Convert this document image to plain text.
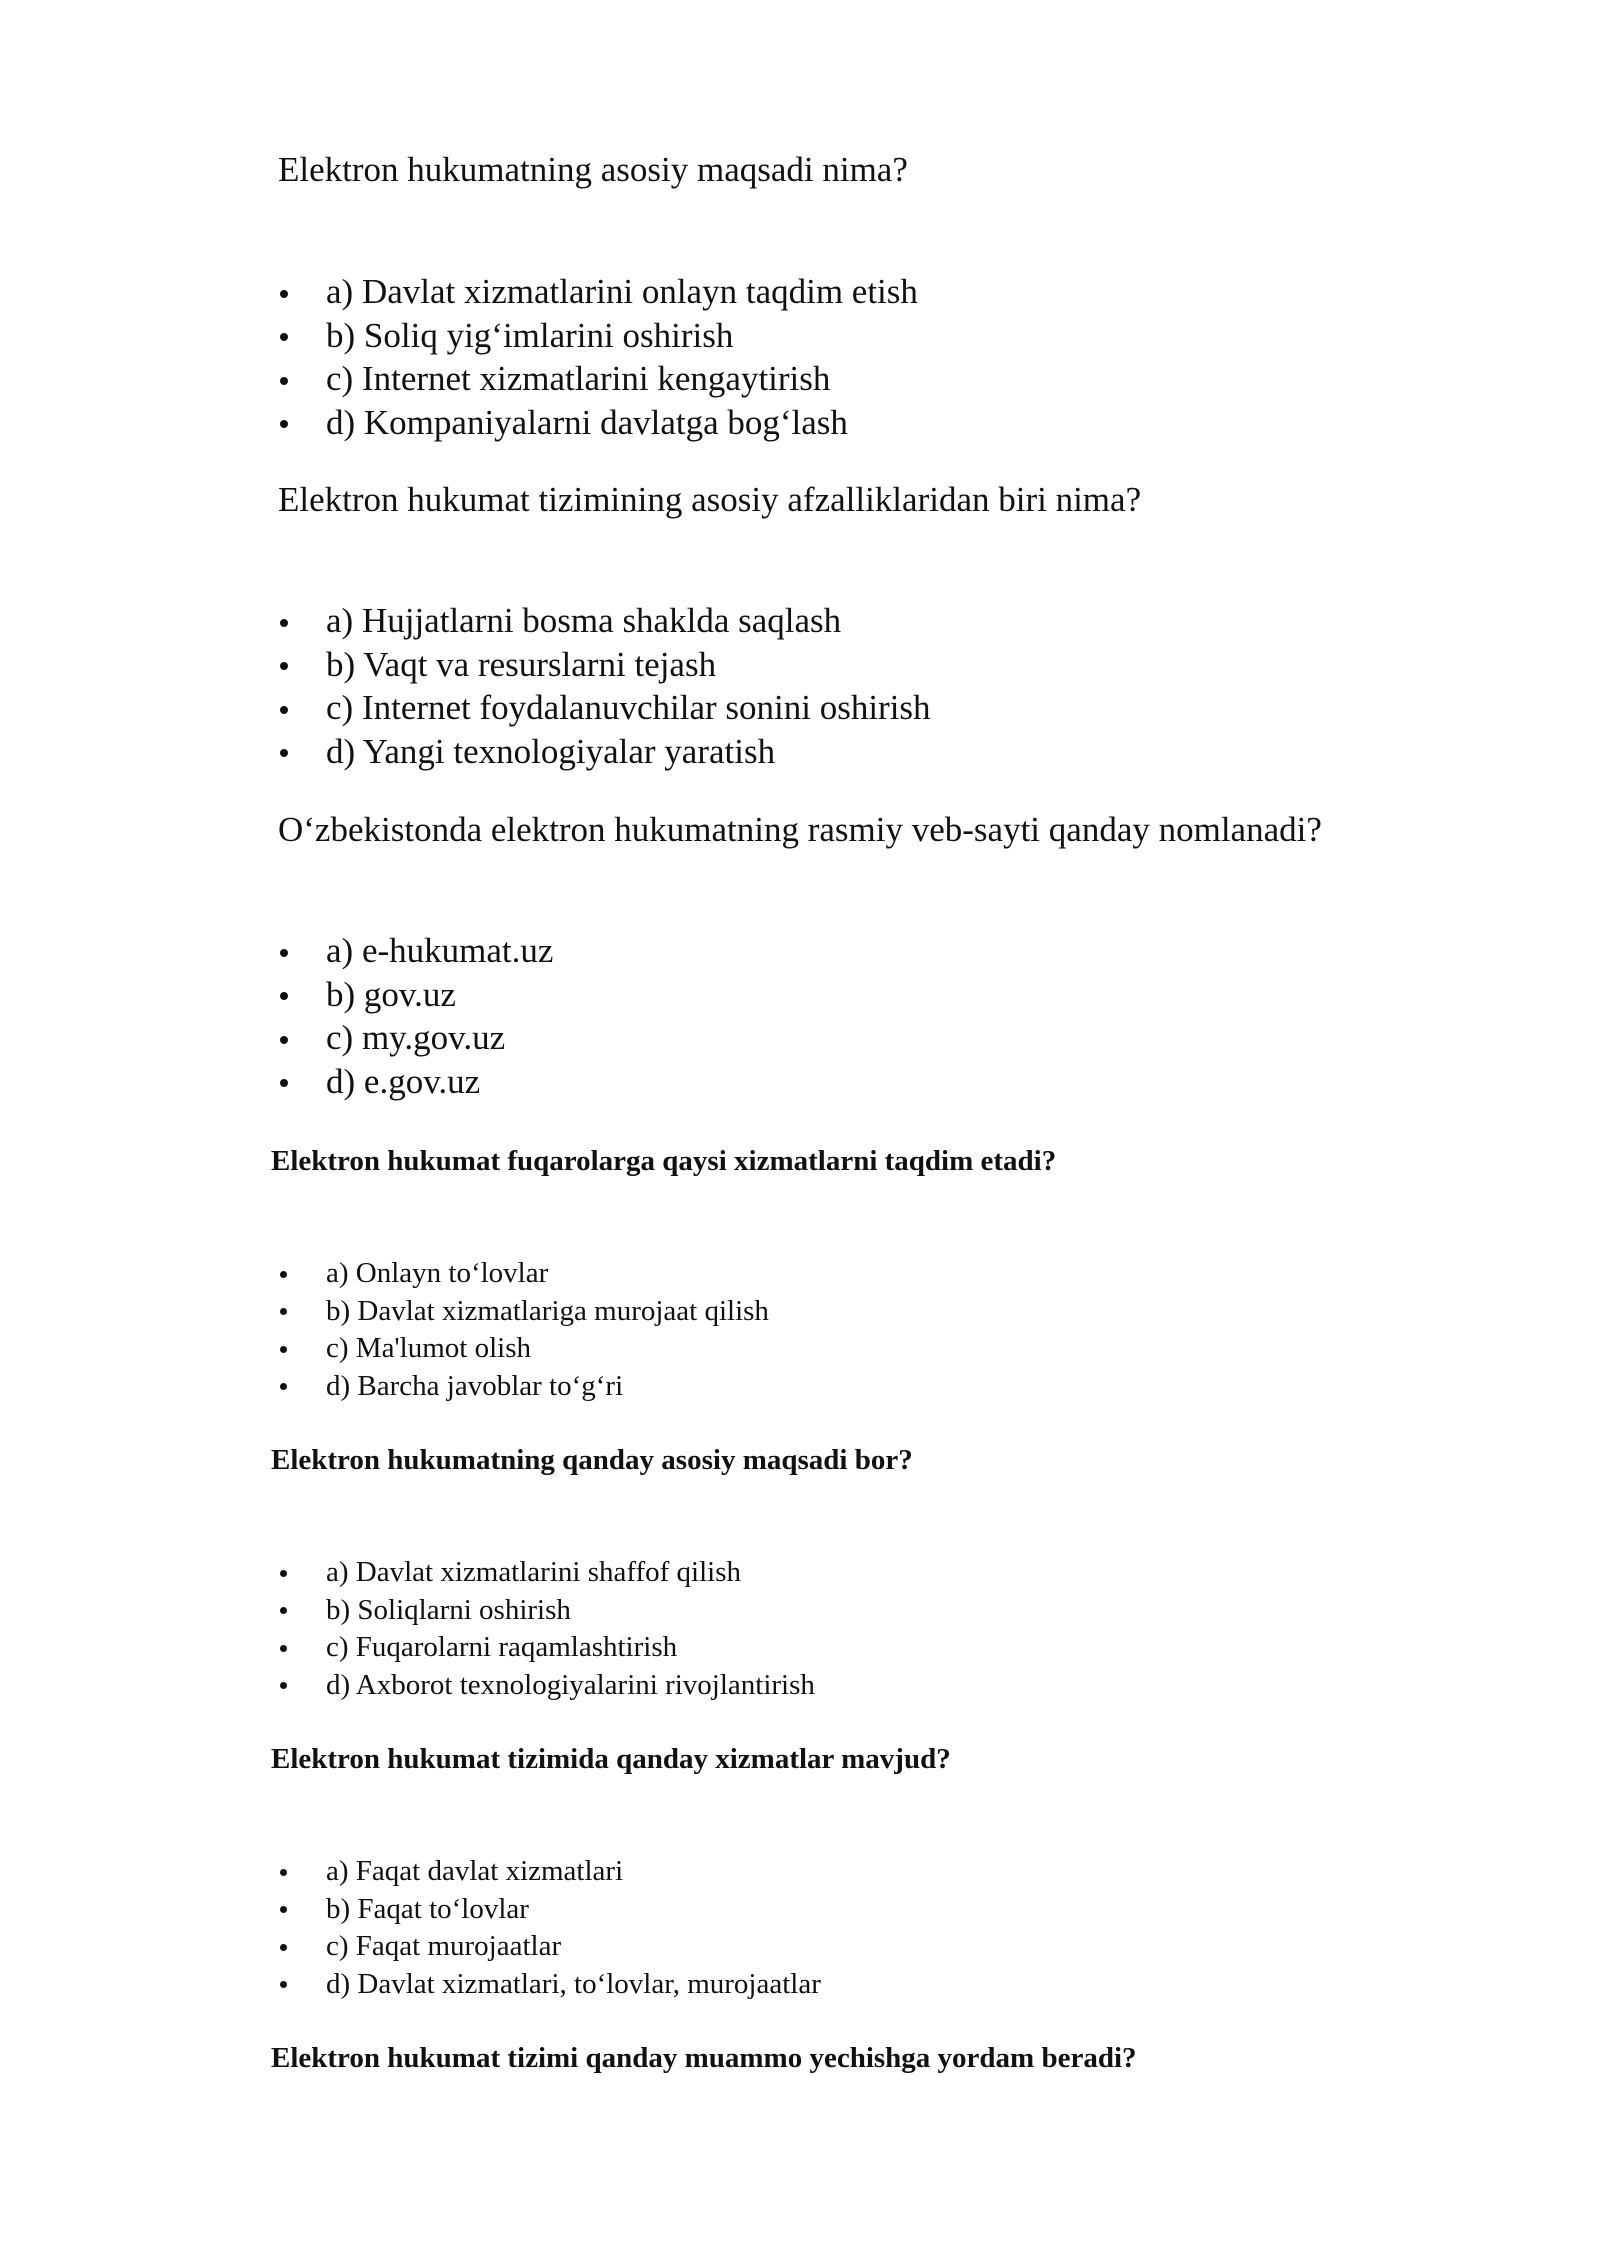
Elektron hukumatning asosiy maqsadi nima?

a) Davlat xizmatlarini onlayn taqdim etish
b) Soliq yig‘imlarini oshirish
c) Internet xizmatlarini kengaytirish
d) Kompaniyalarni davlatga bog‘lash

Elektron hukumat tizimining asosiy afzalliklaridan biri nima?

a) Hujjatlarni bosma shaklda saqlash
b) Vaqt va resurslarni tejash
c) Internet foydalanuvchilar sonini oshirish
d) Yangi texnologiyalar yaratish

O‘zbekistonda elektron hukumatning rasmiy veb-sayti qanday nomlanadi?

a) e-hukumat.uz
b) gov.uz
c) my.gov.uz
d) e.gov.uz

Elektron hukumat fuqarolarga qaysi xizmatlarni taqdim etadi?

a) Onlayn to‘lovlar
b) Davlat xizmatlariga murojaat qilish
c) Ma'lumot olish
d) Barcha javoblar to‘g‘ri

Elektron hukumatning qanday asosiy maqsadi bor?

a) Davlat xizmatlarini shaffof qilish
b) Soliqlarni oshirish
c) Fuqarolarni raqamlashtirish
d) Axborot texnologiyalarini rivojlantirish

Elektron hukumat tizimida qanday xizmatlar mavjud?

a) Faqat davlat xizmatlari
b) Faqat to‘lovlar
c) Faqat murojaatlar
d) Davlat xizmatlari, to‘lovlar, murojaatlar

Elektron hukumat tizimi qanday muammo yechishga yordam beradi?
